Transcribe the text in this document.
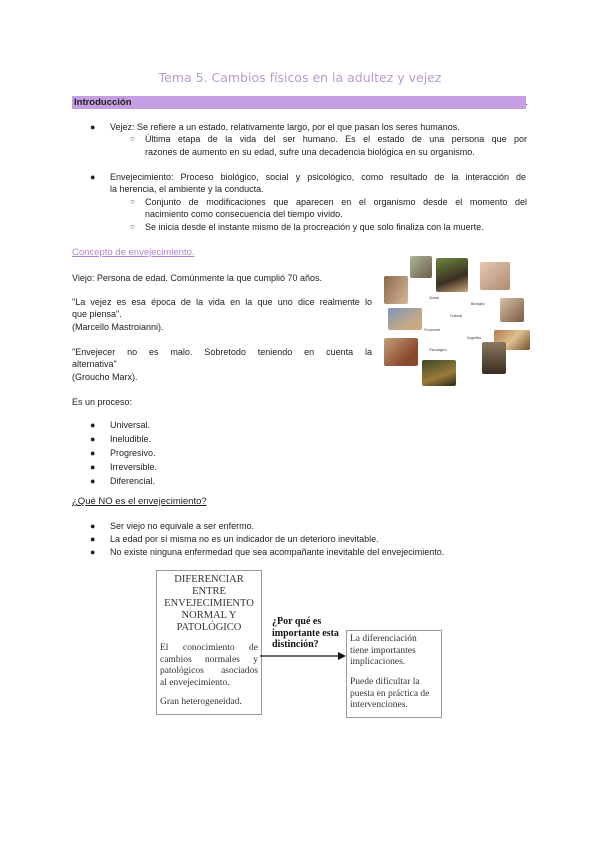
Tema 5. Cambios físicos en la adultez y vejez
Introducción	.
● Vejez: Se refiere a un estado, relativamente largo, por el que pasan los seres humanos.
○ Última etapa de la vida del ser humano. Es el estado de una persona que por
razones de aumento en su edad, sufre una decadencia biológica en su organismo.
● Envejecimiento: Proceso biológico, social y psicológico, como resultado de la interacción de
la herencia, el ambiente y la conducta.
○ Conjunto de modificaciones que aparecen en el organismo desde el momento del
nacimiento como consecuencia del tiempo vivido.
○ Se inicia desde el instante mismo de la procreación y que solo finaliza con la muerte.
Concepto de envejecimiento.
Viejo: Persona de edad. Comúnmente la que cumplió 70 años.
"La vejez es esa época de la vida en la que uno dice realmente lo
que piensa".
(Marcello Mastroianni).
"Envejecer no es malo. Sobretodo teniendo en cuenta la
alternativa"
(Groucho Marx).
Social
Biológico
Funcional
Cognitivo
Cultural
Psicológico
Es un proceso:
● Universal.
● Ineludible.
● Progresivo.
● Irreversible.
● Diferencial.
¿Qué NO es el envejecimiento?
● Ser viejo no equivale a ser enfermo.
● La edad por sí misma no es un indicador de un deterioro inevitable.
● No existe ninguna enfermedad que sea acompañante inevitable del envejecimiento.
DIFERENCIAR
ENTRE
ENVEJECIMIENTO
NORMAL Y
PATOLÓGICO
El conocimiento de
cambios normales y
patológicos asociados
al envejecimiento.
Gran heterogeneidad.
¿Por qué es
importante esta
distinción?	La diferenciación
tiene importantes
implicaciones.
Puede dificultar la
puesta en práctica de
intervenciones.
